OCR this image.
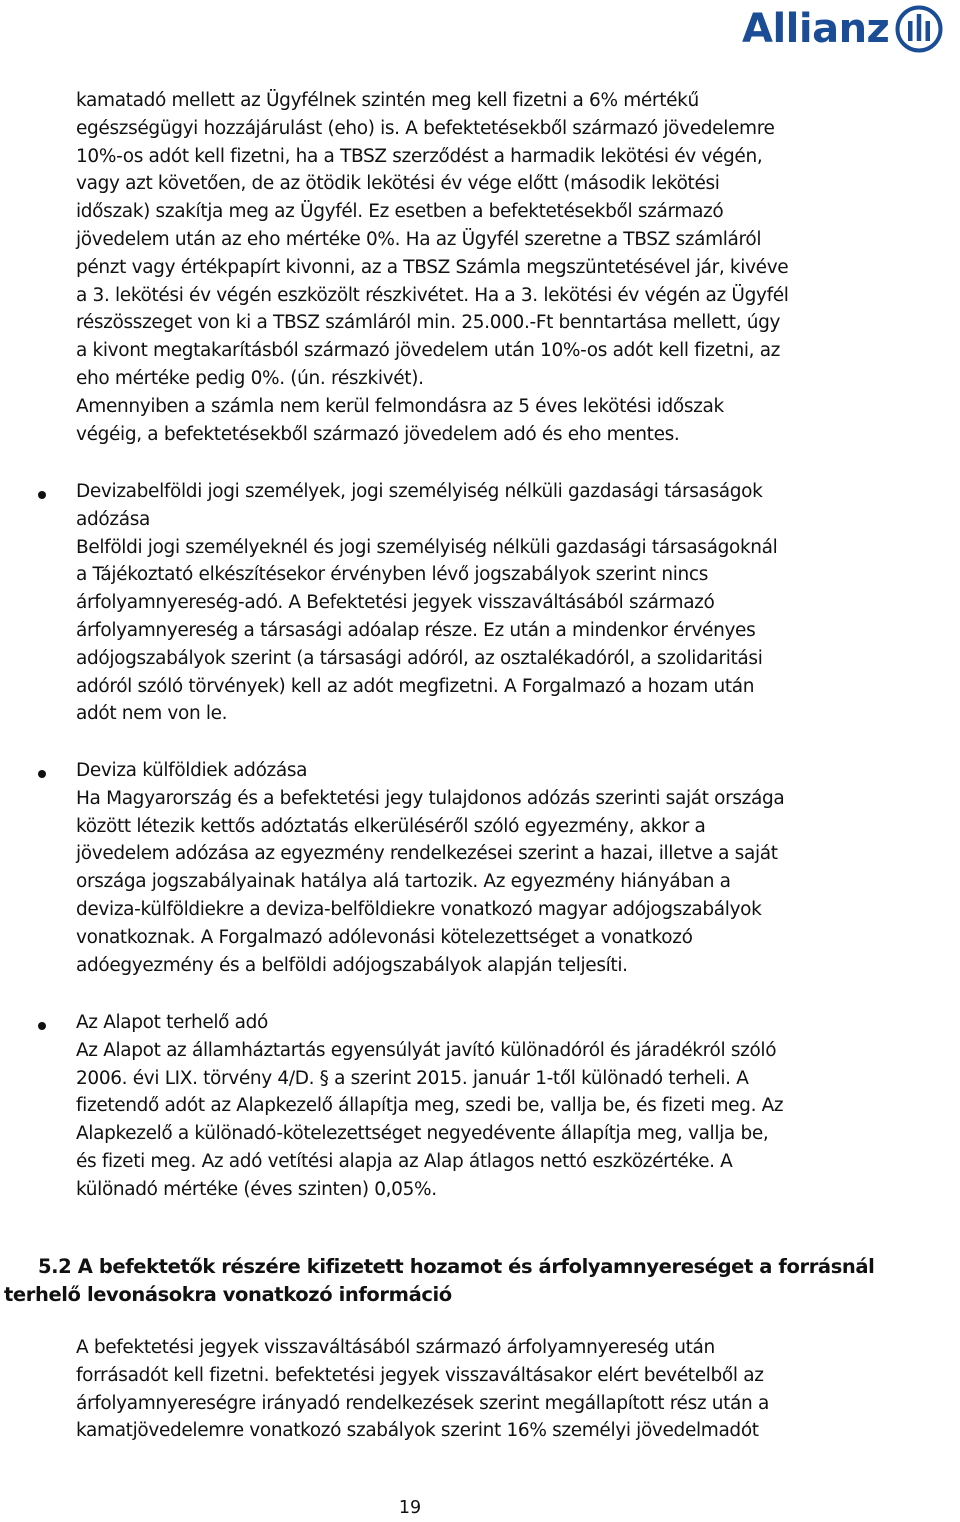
Allianz
kamatadó mellett az Ügyfélnek szintén meg kell fizetni a 6% mértékű
egészségügyi hozzájárulást (eho) is. A befektetésekből származó jövedelemre
10%-os adót kell fizetni, ha a TBSZ szerződést a harmadik lekötési év végén,
vagy azt követően, de az ötödik lekötési év vége előtt (második lekötési
időszak) szakítja meg az Ügyfél. Ez esetben a befektetésekből származó
jövedelem után az eho mértéke 0%. Ha az Ügyfél szeretne a TBSZ számláról
pénzt vagy értékpapírt kivonni, az a TBSZ Számla megszüntetésével jár, kivéve
a 3. lekötési év végén eszközölt részkivétet. Ha a 3. lekötési év végén az Ügyfél
részösszeget von ki a TBSZ számláról min. 25.000.-Ft benntartása mellett, úgy
a kivont megtakarításból származó jövedelem után 10%-os adót kell fizetni, az
eho mértéke pedig 0%. (ún. részkivét).
Amennyiben a számla nem kerül felmondásra az 5 éves lekötési időszak
végéig, a befektetésekből származó jövedelem adó és eho mentes.
Devizabelföldi jogi személyek, jogi személyiség nélküli gazdasági társaságok
adózása
Belföldi jogi személyeknél és jogi személyiség nélküli gazdasági társaságoknál
a Tájékoztató elkészítésekor érvényben lévő jogszabályok szerint nincs
árfolyamnyereség-adó. A Befektetési jegyek visszaváltásából származó
árfolyamnyereség a társasági adóalap része. Ez után a mindenkor érvényes
adójogszabályok szerint (a társasági adóról, az osztalékadóról, a szolidaritási
adóról szóló törvények) kell az adót megfizetni. A Forgalmazó a hozam után
adót nem von le.
Deviza külföldiek adózása
Ha Magyarország és a befektetési jegy tulajdonos adózás szerinti saját országa
között létezik kettős adóztatás elkerüléséről szóló egyezmény, akkor a
jövedelem adózása az egyezmény rendelkezései szerint a hazai, illetve a saját
országa jogszabályainak hatálya alá tartozik. Az egyezmény hiányában a
deviza-külföldiekre a deviza-belföldiekre vonatkozó magyar adójogszabályok
vonatkoznak. A Forgalmazó adólevonási kötelezettséget a vonatkozó
adóegyezmény és a belföldi adójogszabályok alapján teljesíti.
Az Alapot terhelő adó
Az Alapot az államháztartás egyensúlyát javító különadóról és járadékról szóló
2006. évi LIX. törvény 4/D. § a szerint 2015. január 1-től különadó terheli. A
fizetendő adót az Alapkezelő állapítja meg, szedi be, vallja be, és fizeti meg. Az
Alapkezelő a különadó-kötelezettséget negyedévente állapítja meg, vallja be,
és fizeti meg. Az adó vetítési alapja az Alap átlagos nettó eszközértéke. A
különadó mértéke (éves szinten) 0,05%.
5.2 A befektetők részére kifizetett hozamot és árfolyamnyereséget a forrásnál
terhelő levonásokra vonatkozó információ
A befektetési jegyek visszaváltásából származó árfolyamnyereség után
forrásadót kell fizetni. befektetési jegyek visszaváltásakor elért bevételből az
árfolyamnyereségre irányadó rendelkezések szerint megállapított rész után a
kamatjövedelemre vonatkozó szabályok szerint 16% személyi jövedelmadót
19
